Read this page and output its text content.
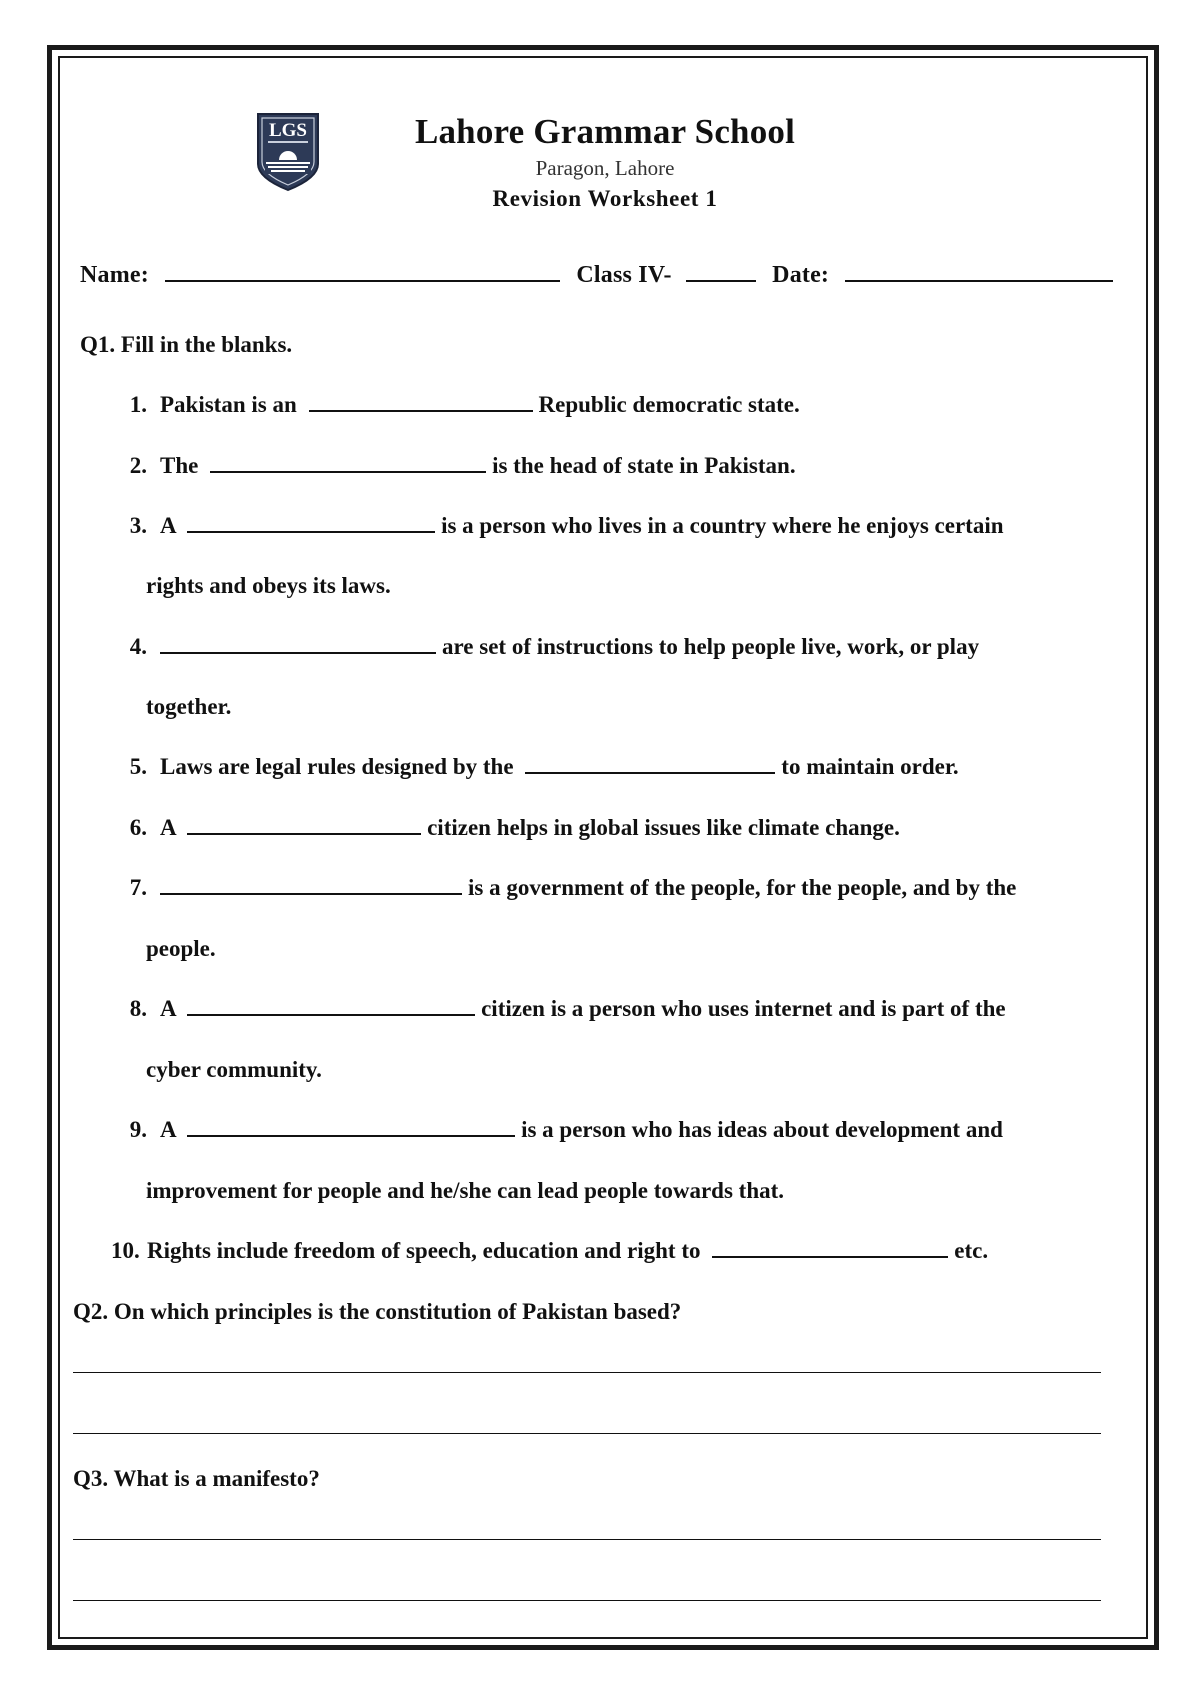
LGS	Lahore Grammar School
Paragon, Lahore
Revision Worksheet 1
Name:	Class IV-	Date:
Q1. Fill in the blanks.
1. Pakistan is an	Republic democratic state.
2. The	is the head of state in Pakistan.
3. A	is a person who lives in a country where he enjoys certain
rights and obeys its laws.
4.	are set of instructions to help people live, work, or play
together.
5. Laws are legal rules designed by the	to maintain order.
6. A	citizen helps in global issues like climate change.
7.	is a government of the people, for the people, and by the
people.
8. A	citizen is a person who uses internet and is part of the
cyber community.
9. A	is a person who has ideas about development and
improvement for people and he/she can lead people towards that.
10. Rights include freedom of speech, education and right to	etc.
Q2. On which principles is the constitution of Pakistan based?
Q3. What is a manifesto?
